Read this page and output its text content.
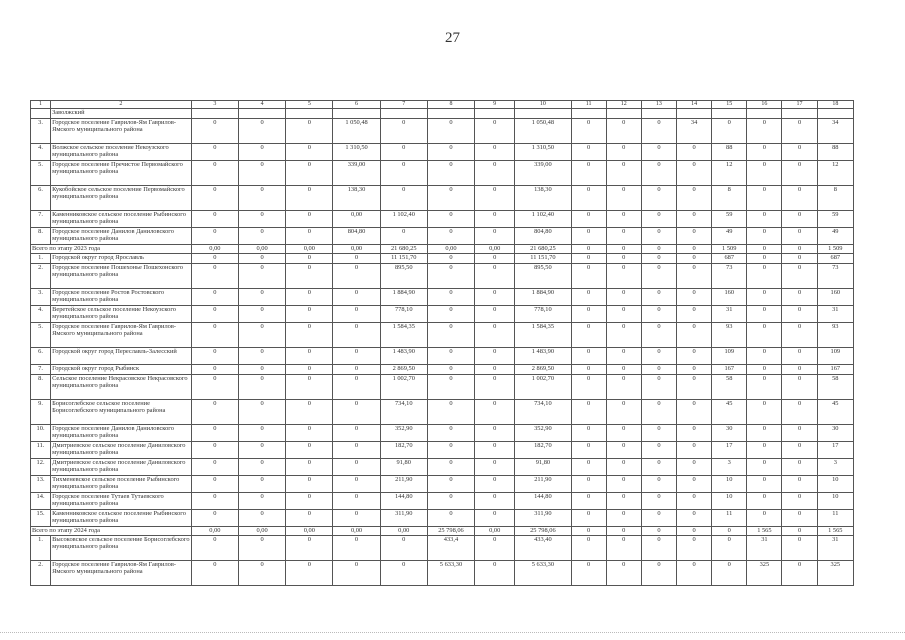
27
1	2	3	4	5	6	7	8	9	10	11	12	13	14	15	16	17	18
	Заволжский																
3.	Городское поселение Гаврилов-Ям Гаврилов-Ямского муниципального района	0	0	0	1 050,48	0	0	0	1 050,48	0	0	0	34	0	0	0	34
4.	Волжское сельское поселение Некоузского муниципального района	0	0	0	1 310,50	0	0	0	1 310,50	0	0	0	0	88	0	0	88
5.	Городское поселение Пречистое Первомайского муниципального района	0	0	0	339,00	0	0	0	339,00	0	0	0	0	12	0	0	12
6.	Кукобойское сельское поселение Первомайского муниципального района	0	0	0	138,30	0	0	0	138,30	0	0	0	0	8	0	0	8
7.	Каменниковское сельское поселение Рыбинского муниципального района	0	0	0	0,00	1 102,40	0	0	1 102,40	0	0	0	0	59	0	0	59
8.	Городское поселение Данилов Даниловского муниципального района	0	0	0	804,80	0	0	0	804,80	0	0	0	0	49	0	0	49
Всего по этапу 2023 года		0,00	0,00	0,00	0,00	21 680,25	0,00	0,00	21 680,25	0	0	0	0	1 509	0	0	1 509
1.	Городской округ город Ярославль	0	0	0	0	11 151,70	0	0	11 151,70	0	0	0	0	687	0	0	687
2.	Городское поселение Пошехонье Пошехонского муниципального района	0	0	0	0	895,50	0	0	895,50	0	0	0	0	73	0	0	73
3.	Городское поселение Ростов Ростовского муниципального района	0	0	0	0	1 884,90	0	0	1 884,90	0	0	0	0	160	0	0	160
4.	Веретейское сельское поселение Некоузского муниципального района	0	0	0	0	778,10	0	0	778,10	0	0	0	0	31	0	0	31
5.	Городское поселение Гаврилов-Ям Гаврилов-Ямского муниципального района	0	0	0	0	1 584,35	0	0	1 584,35	0	0	0	0	93	0	0	93
6.	Городской округ город Переславль-Залесский	0	0	0	0	1 483,90	0	0	1 483,90	0	0	0	0	109	0	0	109
7.	Городской округ город Рыбинск	0	0	0	0	2 869,50	0	0	2 869,50	0	0	0	0	167	0	0	167
8.	Сельское поселение Некрасовское Некрасовского муниципального района	0	0	0	0	1 002,70	0	0	1 002,70	0	0	0	0	58	0	0	58
9.	Борисоглебское сельское поселение Борисоглебского муниципального района	0	0	0	0	734,10	0	0	734,10	0	0	0	0	45	0	0	45
10.	Городское поселение Данилов Даниловского муниципального района	0	0	0	0	352,90	0	0	352,90	0	0	0	0	30	0	0	30
11.	Дмитриевское сельское поселение Даниловского муниципального района	0	0	0	0	182,70	0	0	182,70	0	0	0	0	17	0	0	17
12.	Дмитриевское сельское поселение Даниловского муниципального района	0	0	0	0	91,80	0	0	91,80	0	0	0	0	3	0	0	3
13.	Тихменевское сельское поселение Рыбинского муниципального района	0	0	0	0	211,90	0	0	211,90	0	0	0	0	10	0	0	10
14.	Городское поселение Тутаев Тутаевского муниципального района	0	0	0	0	144,80	0	0	144,80	0	0	0	0	10	0	0	10
15.	Каменниковское сельское поселение Рыбинского муниципального района	0	0	0	0	311,90	0	0	311,90	0	0	0	0	11	0	0	11
Всего по этапу 2024 года		0,00	0,00	0,00	0,00	0,00	25 798,06	0,00	25 798,06	0	0	0	0	0	1 565	0	1 565
1.	Высоковское сельское поселение Борисоглебского муниципального района	0	0	0	0	0	433,4	0	433,40	0	0	0	0	0	31	0	31
2.	Городское поселение Гаврилов-Ям Гаврилов-Ямского муниципального района	0	0	0	0	0	5 633,30	0	5 633,30	0	0	0	0	0	325	0	325
